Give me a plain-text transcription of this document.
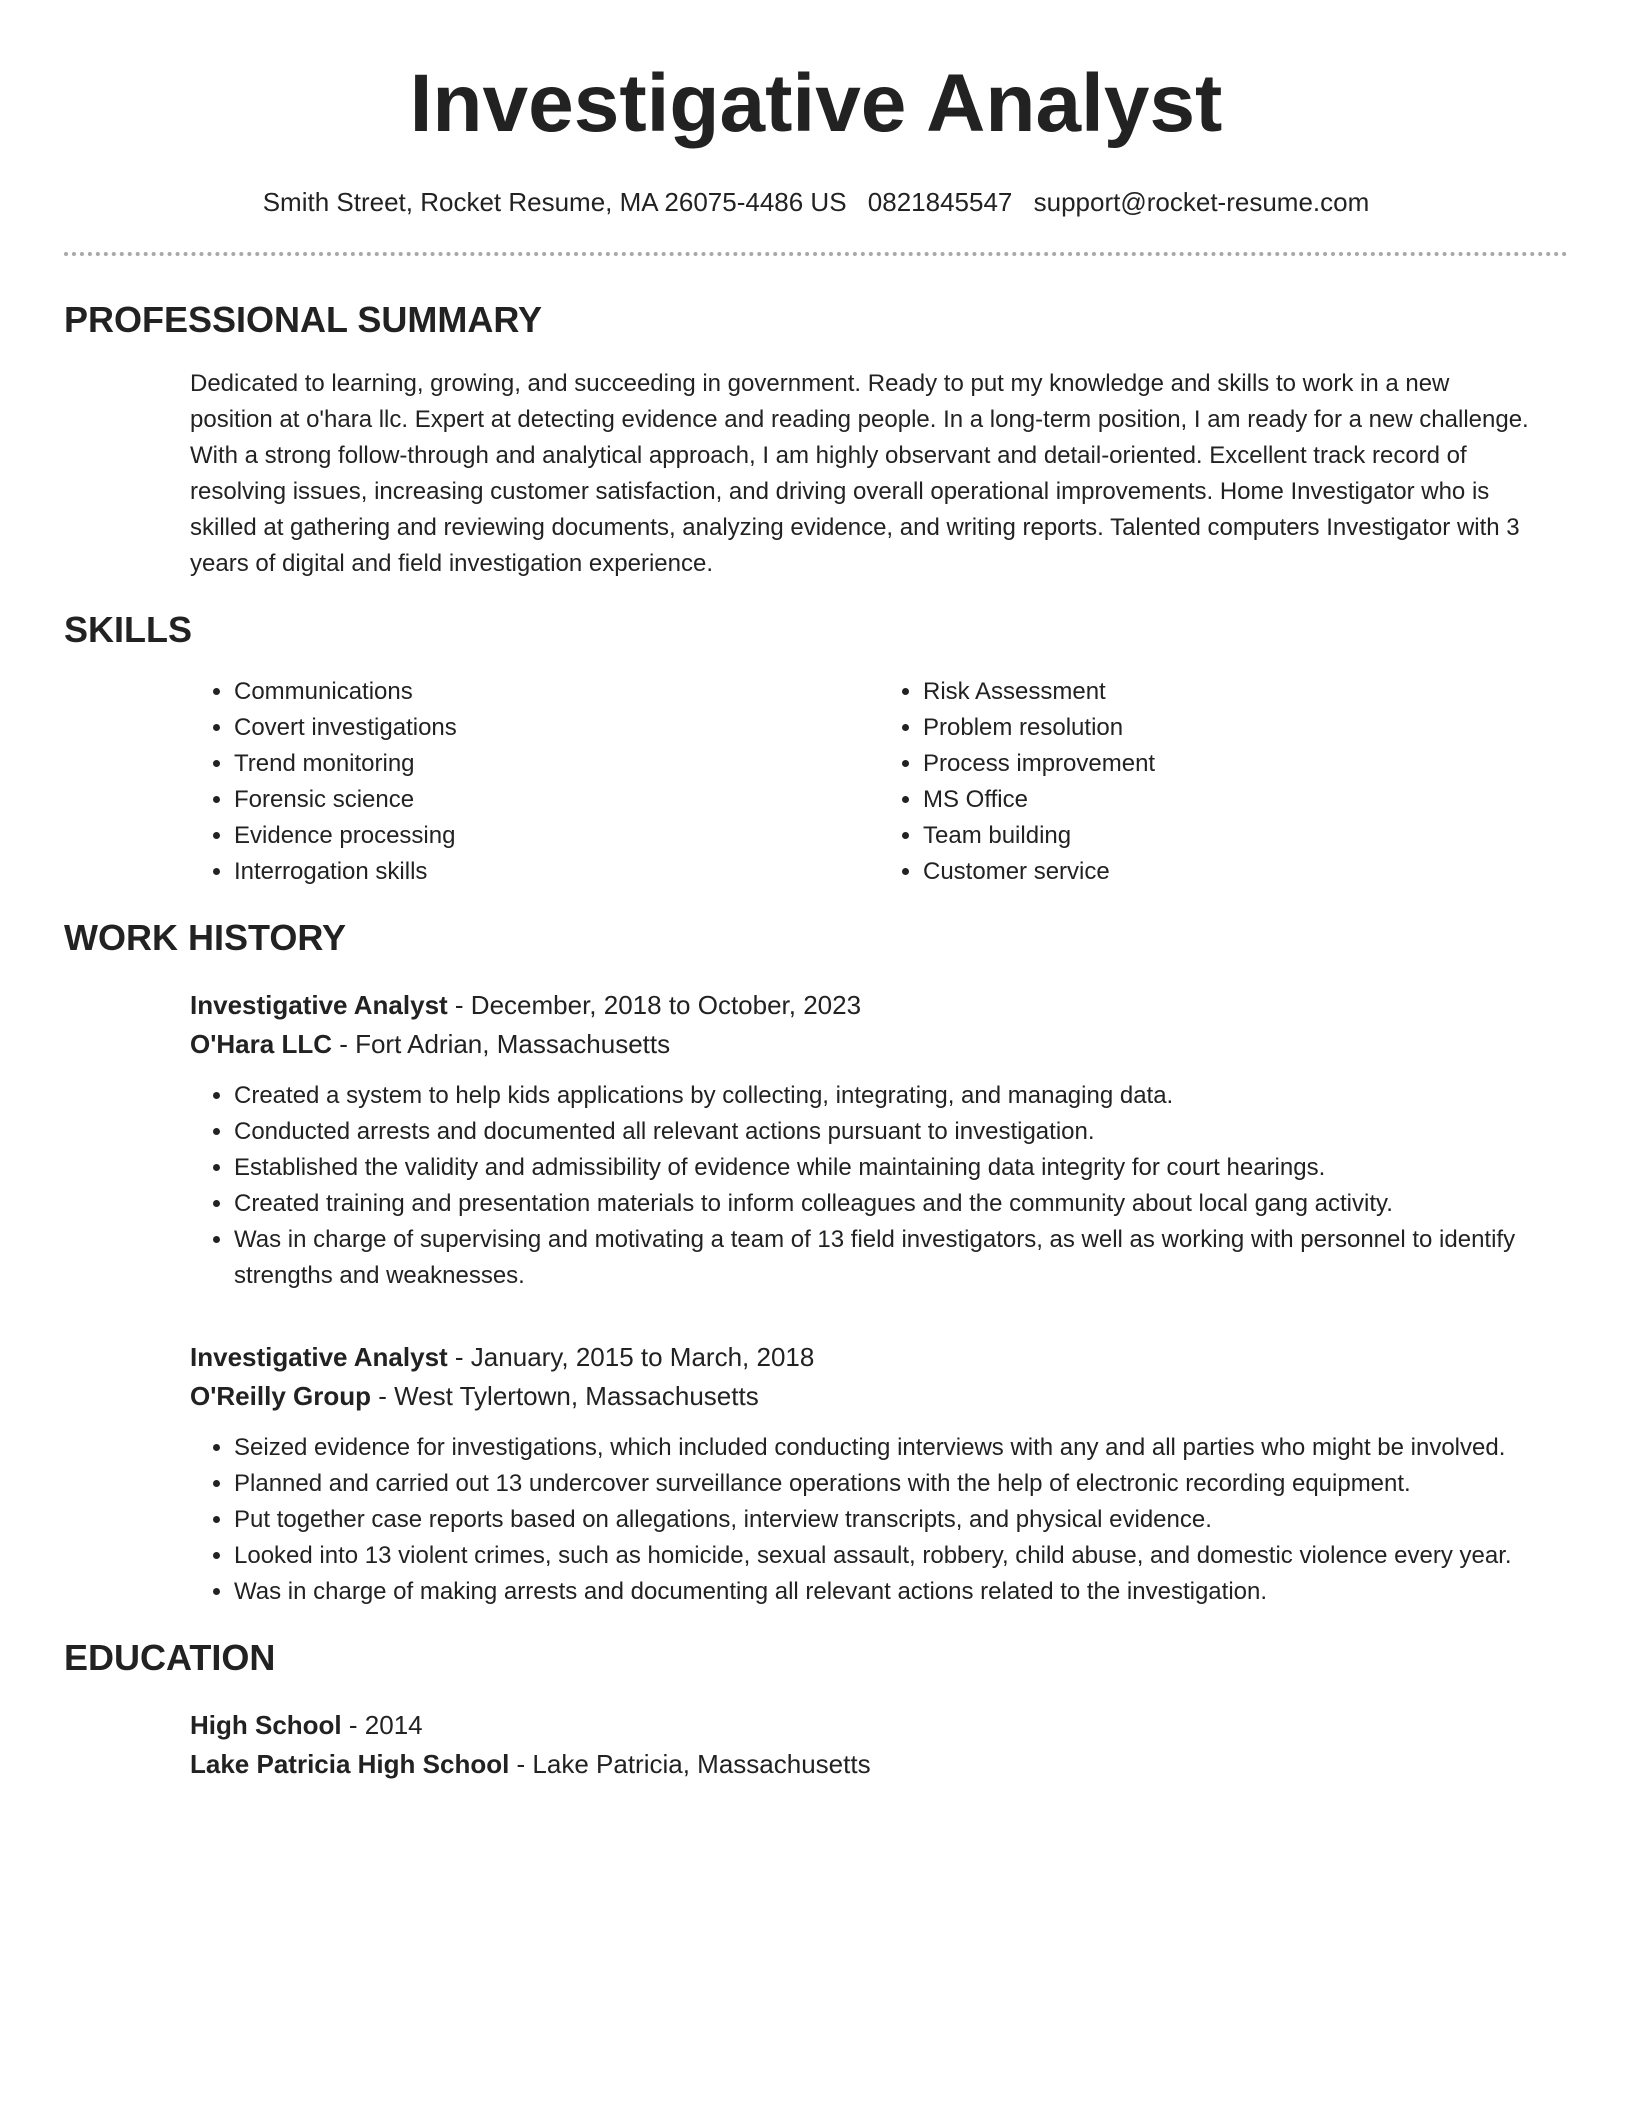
Investigative Analyst
Smith Street, Rocket Resume, MA 26075-4486 US 0821845547 support@rocket-resume.com
PROFESSIONAL SUMMARY

Dedicated to learning, growing, and succeeding in government. Ready to put my knowledge and skills to work in a new position at o'hara llc. Expert at detecting evidence and reading people. In a long-term position, I am ready for a new challenge. With a strong follow-through and analytical approach, I am highly observant and detail-oriented. Excellent track record of resolving issues, increasing customer satisfaction, and driving overall operational improvements. Home Investigator who is skilled at gathering and reviewing documents, analyzing evidence, and writing reports. Talented computers Investigator with 3 years of digital and field investigation experience.

SKILLS
• Communications
• Covert investigations
• Trend monitoring
• Forensic science
• Evidence processing
• Interrogation skills
• Risk Assessment
• Problem resolution
• Process improvement
• MS Office
• Team building
• Customer service
WORK HISTORY
Investigative Analyst - December, 2018 to October, 2023
O'Hara LLC - Fort Adrian, Massachusetts
• Created a system to help kids applications by collecting, integrating, and managing data.
• Conducted arrests and documented all relevant actions pursuant to investigation.
• Established the validity and admissibility of evidence while maintaining data integrity for court hearings.
• Created training and presentation materials to inform colleagues and the community about local gang activity.
• Was in charge of supervising and motivating a team of 13 field investigators, as well as working with personnel to identify strengths and weaknesses.
Investigative Analyst - January, 2015 to March, 2018
O'Reilly Group - West Tylertown, Massachusetts
• Seized evidence for investigations, which included conducting interviews with any and all parties who might be involved.
• Planned and carried out 13 undercover surveillance operations with the help of electronic recording equipment.
• Put together case reports based on allegations, interview transcripts, and physical evidence.
• Looked into 13 violent crimes, such as homicide, sexual assault, robbery, child abuse, and domestic violence every year.
• Was in charge of making arrests and documenting all relevant actions related to the investigation.
EDUCATION
High School - 2014
Lake Patricia High School - Lake Patricia, Massachusetts
